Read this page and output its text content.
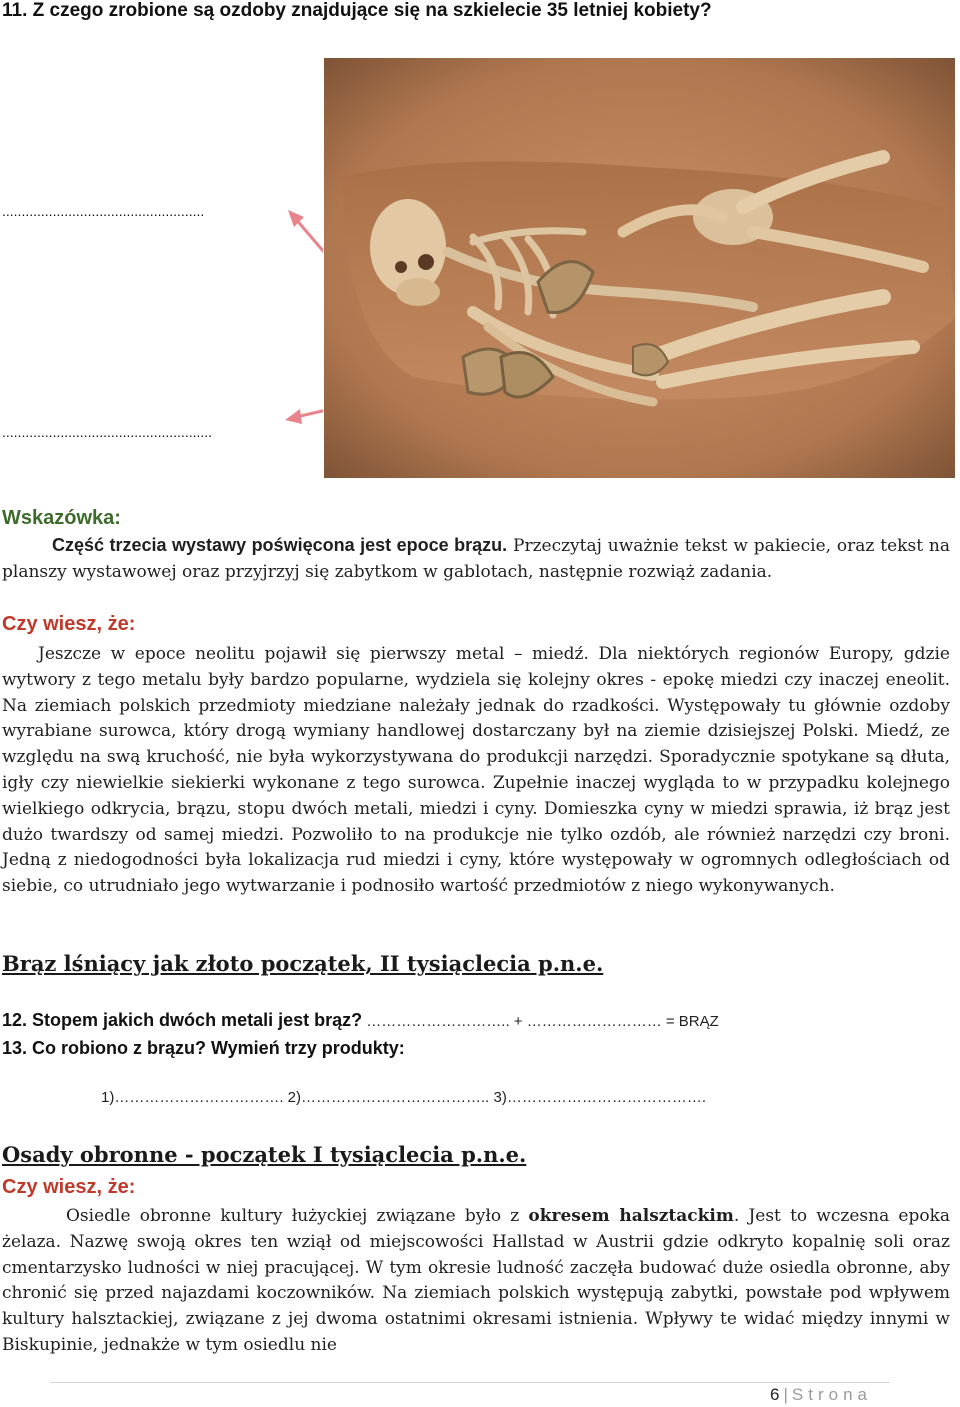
11. Z czego zrobione są ozdoby znajdujące się na szkielecie 35 letniej kobiety?
....................................................
......................................................
Wskazówka:
Część trzecia wystawy poświęcona jest epoce brązu. Przeczytaj uważnie tekst w pakiecie, oraz tekst na planszy wystawowej oraz przyjrzyj się zabytkom w gablotach, następnie rozwiąż zadania.
Czy wiesz, że:
Jeszcze w epoce neolitu pojawił się pierwszy metal – miedź. Dla niektórych regionów Europy, gdzie wytwory z tego metalu były bardzo popularne, wydziela się kolejny okres - epokę miedzi czy inaczej eneolit. Na ziemiach polskich przedmioty miedziane należały jednak do rzadkości. Występowały tu głównie ozdoby wyrabiane surowca, który drogą wymiany handlowej dostarczany był na ziemie dzisiejszej Polski. Miedź, ze względu na swą kruchość, nie była wykorzystywana do produkcji narzędzi. Sporadycznie spotykane są dłuta, igły czy niewielkie siekierki wykonane z tego surowca. Zupełnie inaczej wygląda to w przypadku kolejnego wielkiego odkrycia, brązu, stopu dwóch metali, miedzi i cyny. Domieszka cyny w miedzi sprawia, iż brąz jest dużo twardszy od samej miedzi. Pozwoliło to na produkcje nie tylko ozdób, ale również narzędzi czy broni. Jedną z niedogodności była lokalizacja rud miedzi i cyny, które występowały w ogromnych odległościach od siebie, co utrudniało jego wytwarzanie i podnosiło wartość przedmiotów z niego wykonywanych.
Brąz lśniący jak złoto początek, II tysiąclecia p.n.e.
12. Stopem jakich dwóch metali jest brąz? ……………………….. + ……………………… = BRĄZ
13. Co robiono z brązu? Wymień trzy produkty:
1)……………………………. 2)……………………………….. 3)………………………………….
Osady obronne - początek I tysiąclecia p.n.e.
Czy wiesz, że:
Osiedle obronne kultury łużyckiej związane było z okresem halsztackim. Jest to wczesna epoka żelaza. Nazwę swoją okres ten wziął od miejscowości Hallstad w Austrii gdzie odkryto kopalnię soli oraz cmentarzysko ludności w niej pracującej. W tym okresie ludność zaczęła budować duże osiedla obronne, aby chronić się przed najazdami koczowników. Na ziemiach polskich występują zabytki, powstałe pod wpływem kultury halsztackiej, związane z jej dwoma ostatnimi okresami istnienia. Wpływy te widać między innymi w Biskupinie, jednakże w tym osiedlu nie
6 | Strona
